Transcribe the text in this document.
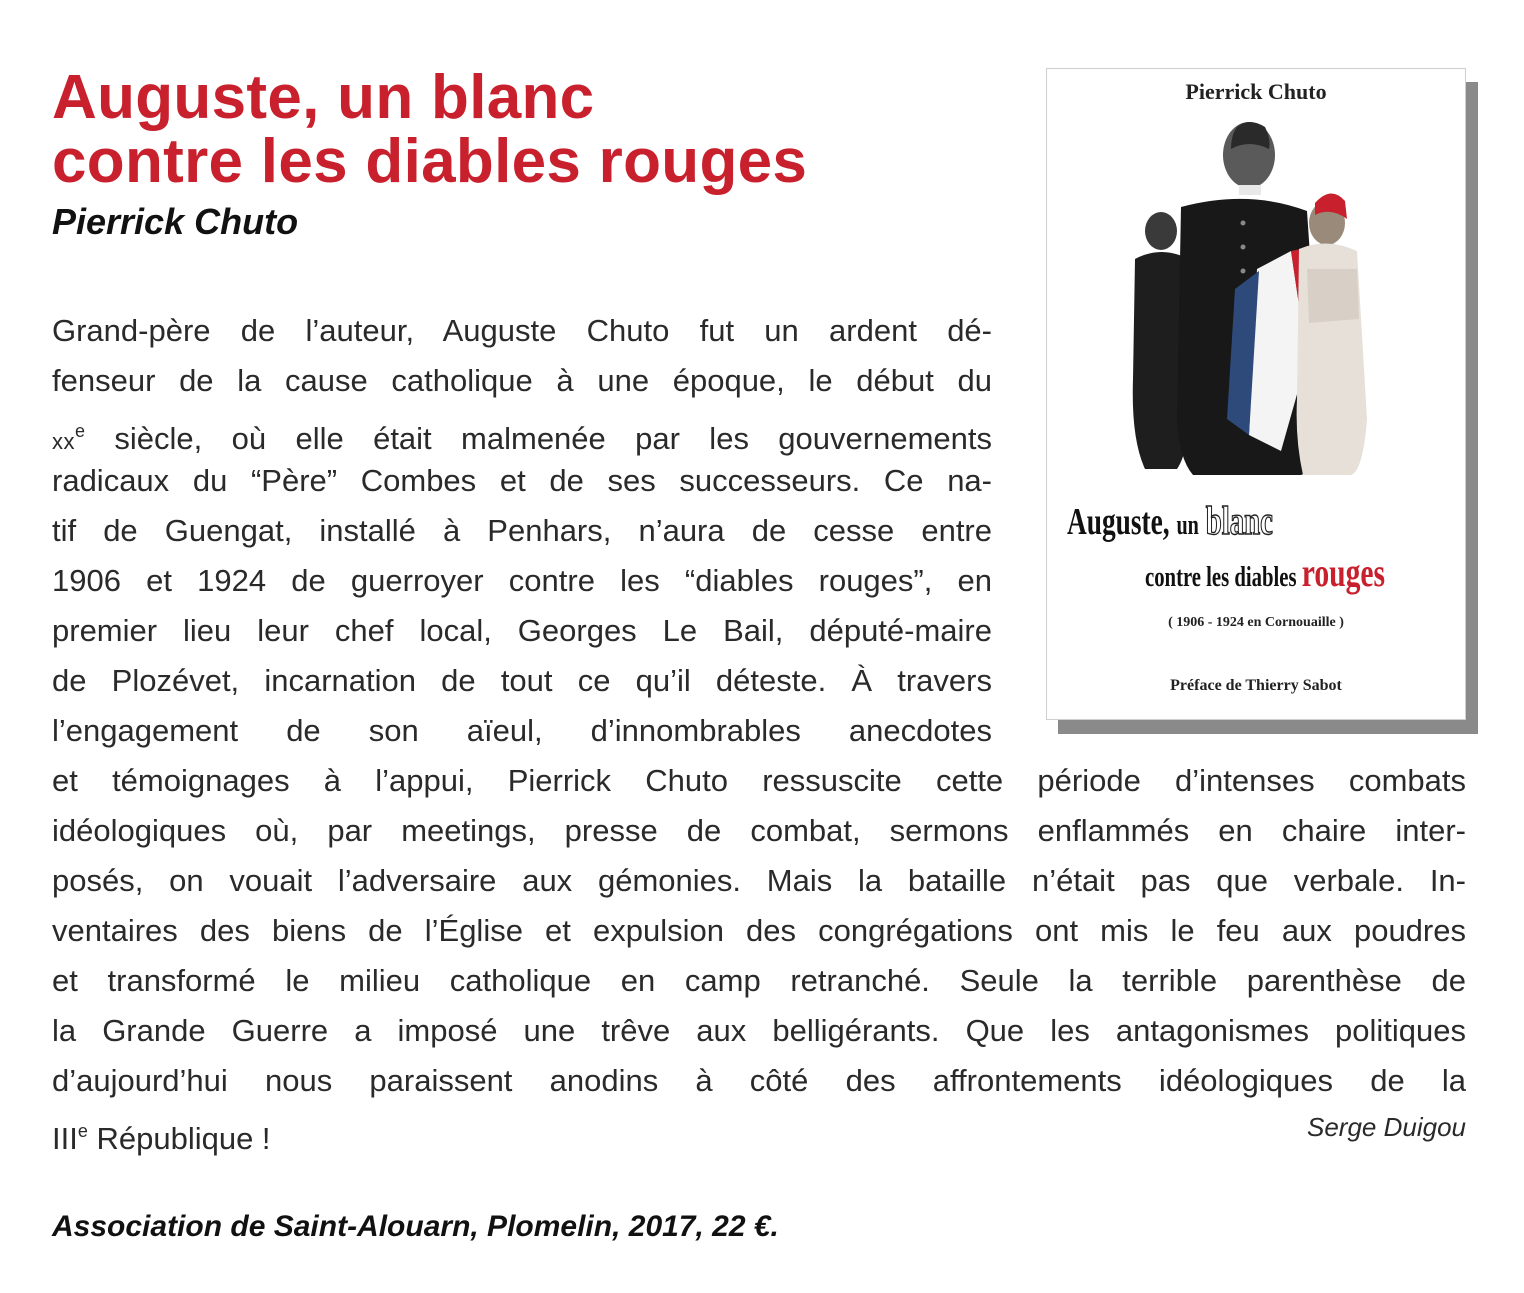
Auguste, un blanc
contre les diables rouges
Pierrick Chuto
Pierrick Chuto
Auguste, un blanc
contre les diables rouges
( 1906 - 1924 en Cornouaille )
Préface de Thierry Sabot
Grand-père de l’auteur, Auguste Chuto fut un ardent dé-
fenseur de la cause catholique à une époque, le début du
$xx^e$ siècle, où elle était malmenée par les gouvernements
radicaux du “Père” Combes et de ses successeurs. Ce na-
tif de Guengat, installé à Penhars, n’aura de cesse entre
1906 et 1924 de guerroyer contre les “diables rouges”, en
premier lieu leur chef local, Georges Le Bail, député-maire
de Plozévet, incarnation de tout ce qu’il déteste. À travers
l’engagement de son aïeul, d’innombrables anecdotes
et témoignages à l’appui, Pierrick Chuto ressuscite cette période d’intenses combats
idéologiques où, par meetings, presse de combat, sermons enflammés en chaire inter-
posés, on vouait l’adversaire aux gémonies. Mais la bataille n’était pas que verbale. In-
ventaires des biens de l’Église et expulsion des congrégations ont mis le feu aux poudres
et transformé le milieu catholique en camp retranché. Seule la terrible parenthèse de
la Grande Guerre a imposé une trêve aux belligérants. Que les antagonismes politiques
d’aujourd’hui nous paraissent anodins à côté des affrontements idéologiques de la
IIIe République !	Serge Duigou
Association de Saint-Alouarn, Plomelin, 2017, 22 €.
